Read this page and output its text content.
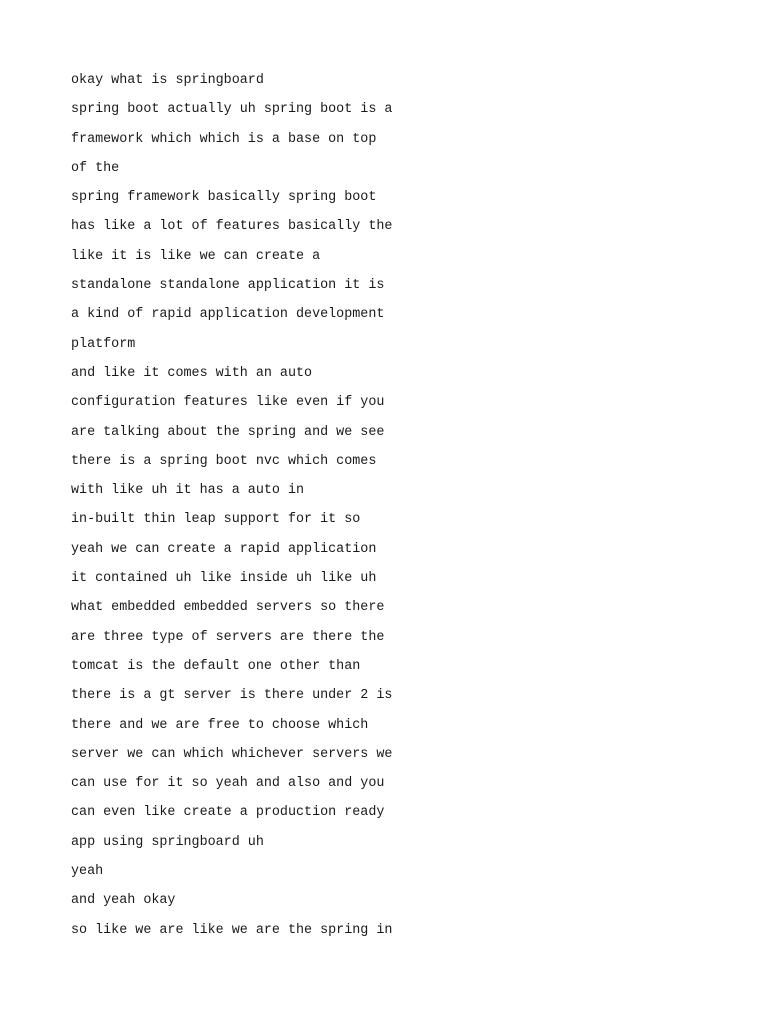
okay what is springboard
spring boot actually uh spring boot is a
framework which which is a base on top
of the
spring framework basically spring boot
has like a lot of features basically the
like it is like we can create a
standalone standalone application it is
a kind of rapid application development
platform
and like it comes with an auto
configuration features like even if you
are talking about the spring and we see
there is a spring boot nvc which comes
with like uh it has a auto in
in-built thin leap support for it so
yeah we can create a rapid application
it contained uh like inside uh like uh
what embedded embedded servers so there
are three type of servers are there the
tomcat is the default one other than
there is a gt server is there under 2 is
there and we are free to choose which
server we can which whichever servers we
can use for it so yeah and also and you
can even like create a production ready
app using springboard uh
yeah
and yeah okay
so like we are like we are the spring in
